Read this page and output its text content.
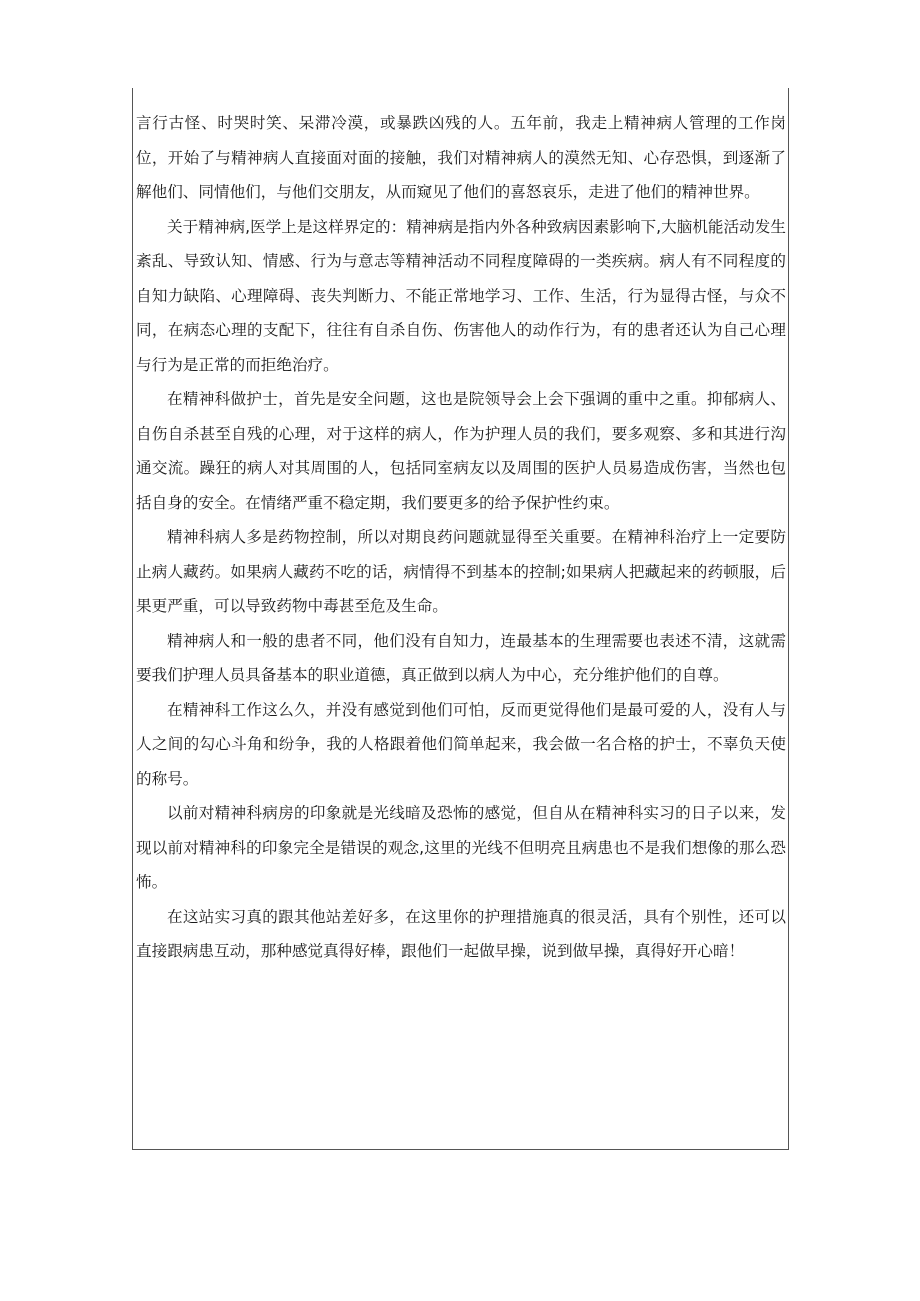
言行古怪、时哭时笑、呆滞冷漠，或暴跌凶残的人。五年前，我走上精神病人管理的工作岗位，开始了与精神病人直接面对面的接触，我们对精神病人的漠然无知、心存恐惧，到逐渐了解他们、同情他们，与他们交朋友，从而窥见了他们的喜怒哀乐，走进了他们的精神世界。

关于精神病,医学上是这样界定的：精神病是指内外各种致病因素影响下,大脑机能活动发生紊乱、导致认知、情感、行为与意志等精神活动不同程度障碍的一类疾病。病人有不同程度的自知力缺陷、心理障碍、丧失判断力、不能正常地学习、工作、生活，行为显得古怪，与众不同，在病态心理的支配下，往往有自杀自伤、伤害他人的动作行为，有的患者还认为自己心理与行为是正常的而拒绝治疗。

在精神科做护士，首先是安全问题，这也是院领导会上会下强调的重中之重。抑郁病人、自伤自杀甚至自残的心理，对于这样的病人，作为护理人员的我们，要多观察、多和其进行沟通交流。躁狂的病人对其周围的人，包括同室病友以及周围的医护人员易造成伤害，当然也包括自身的安全。在情绪严重不稳定期，我们要更多的给予保护性约束。

精神科病人多是药物控制，所以对期良药问题就显得至关重要。在精神科治疗上一定要防止病人藏药。如果病人藏药不吃的话，病情得不到基本的控制;如果病人把藏起来的药顿服，后果更严重，可以导致药物中毒甚至危及生命。

精神病人和一般的患者不同，他们没有自知力，连最基本的生理需要也表述不清，这就需要我们护理人员具备基本的职业道德，真正做到以病人为中心，充分维护他们的自尊。

在精神科工作这么久，并没有感觉到他们可怕，反而更觉得他们是最可爱的人，没有人与人之间的勾心斗角和纷争，我的人格跟着他们简单起来，我会做一名合格的护士，不辜负天使的称号。

以前对精神科病房的印象就是光线暗及恐怖的感觉，但自从在精神科实习的日子以来，发现以前对精神科的印象完全是错误的观念,这里的光线不但明亮且病患也不是我们想像的那么恐怖。

在这站实习真的跟其他站差好多，在这里你的护理措施真的很灵活，具有个别性，还可以直接跟病患互动，那种感觉真得好棒，跟他们一起做早操，说到做早操，真得好开心暗！
